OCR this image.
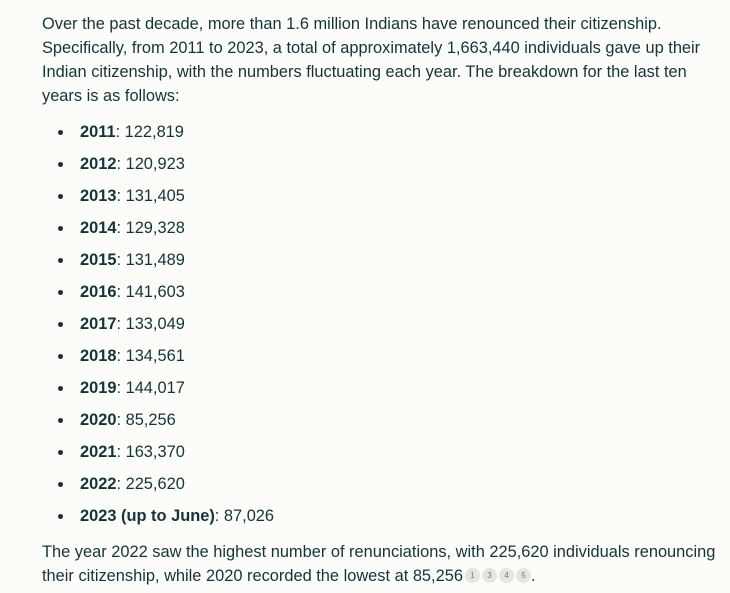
Over the past decade, more than 1.6 million Indians have renounced their citizenship. Specifically, from 2011 to 2023, a total of approximately 1,663,440 individuals gave up their Indian citizenship, with the numbers fluctuating each year. The breakdown for the last ten years is as follows:

2011: 122,819
2012: 120,923
2013: 131,405
2014: 129,328
2015: 131,489
2016: 141,603
2017: 133,049
2018: 134,561
2019: 144,017
2020: 85,256
2021: 163,370
2022: 225,620
2023 (up to June): 87,026

The year 2022 saw the highest number of renunciations, with 225,620 individuals renouncing their citizenship, while 2020 recorded the lowest at 85,256 1 3 4 5 .
